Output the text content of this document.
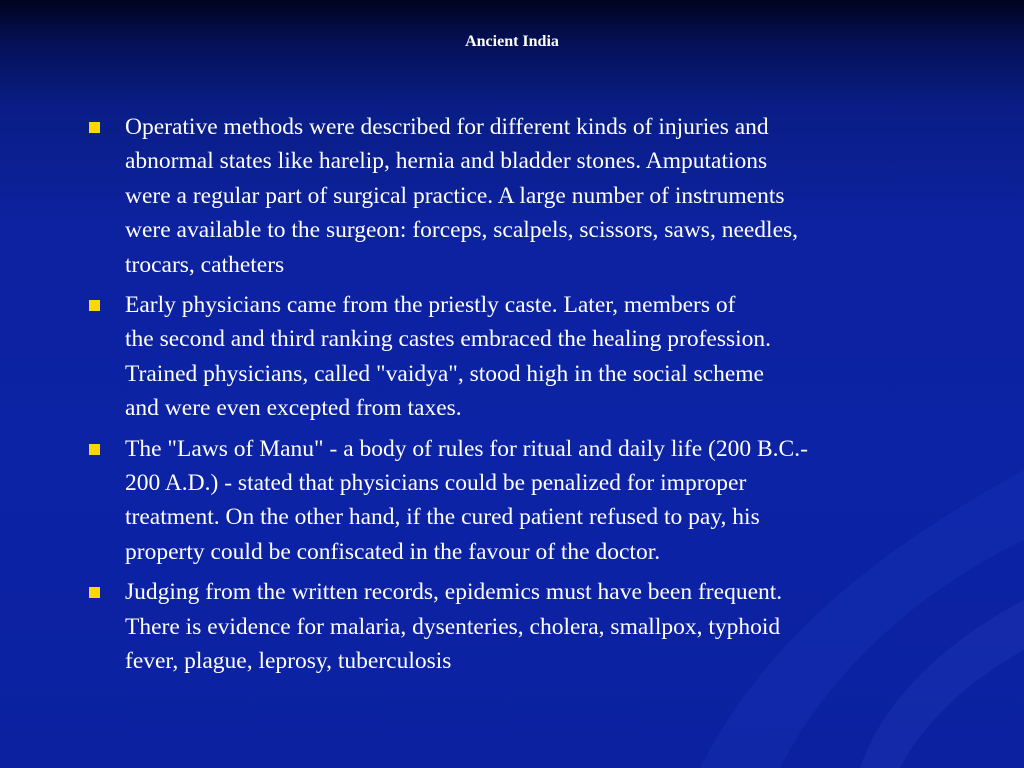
Ancient India
Operative methods were described for different kinds of injuries and
abnormal states like harelip, hernia and bladder stones. Amputations
were a regular part of surgical practice. A large number of instruments
were available to the surgeon: forceps, scalpels, scissors, saws, needles,
trocars, catheters
Early physicians came from the priestly caste. Later, members of
the second and third ranking castes embraced the healing profession.
Trained physicians, called "vaidya", stood high in the social scheme
and were even excepted from taxes.
The "Laws of Manu" - a body of rules for ritual and daily life (200 B.C.-
200 A.D.) - stated that physicians could be penalized for improper
treatment. On the other hand, if the cured patient refused to pay, his
property could be confiscated in the favour of the doctor.
Judging from the written records, epidemics must have been frequent.
There is evidence for malaria, dysenteries, cholera, smallpox, typhoid
fever, plague, leprosy, tuberculosis
